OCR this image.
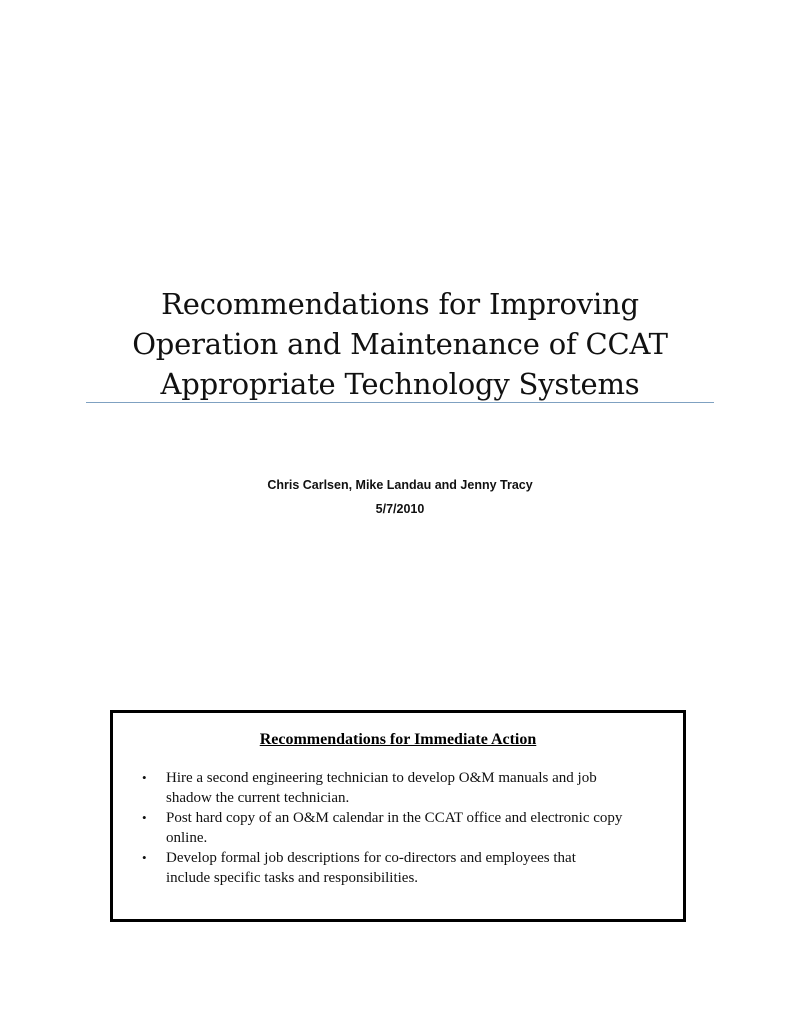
Recommendations for Improving
Operation and Maintenance of CCAT
Appropriate Technology Systems
Chris Carlsen, Mike Landau and Jenny Tracy
5/7/2010
Recommendations for Immediate Action
• Hire a second engineering technician to develop O&M manuals and job
shadow the current technician.
• Post hard copy of an O&M calendar in the CCAT office and electronic copy
online.
• Develop formal job descriptions for co-directors and employees that
include specific tasks and responsibilities.
